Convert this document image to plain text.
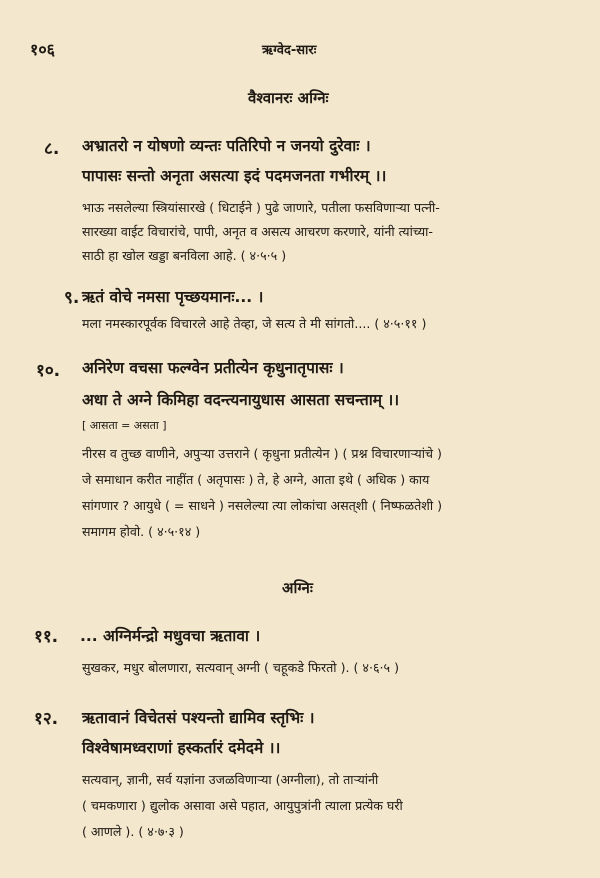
१०६	ऋग्वेद-सारः
वैश्वानरः अग्निः
८. अभ्रातरो न योषणो व्यन्तः पतिरिपो न जनयो दुरेवाः ।
पापासः सन्तो अनृता असत्या इदं पदमजनता गभीरम् ।।
भाऊ नसलेल्या स्त्रियांसारखे ( धिटाईने ) पुढे जाणारे, पतीला फसविणाऱ्या पत्नी-
सारख्या वाईट विचारांचे, पापी, अनृत व असत्य आचरण करणारे, यांनी त्यांच्या-
साठी हा खोल खड्डा बनविला आहे. ( ४·५·५ )
९. ऋतं वोचे नमसा पृच्छयमानः... ।
मला नमस्कारपूर्वक विचारले आहे तेव्हा, जे सत्य ते मी सांगतो.... ( ४·५·११ )
१०. अनिरेण वचसा फल्ग्वेन प्रतीत्येन कृधुनातृपासः ।
अधा ते अग्ने किमिहा वदन्त्यनायुधास आसता सचन्ताम् ।।
[ आसता = असता ]
नीरस व तुच्छ वाणीने, अपुऱ्या उत्तराने ( कृधुना प्रतीत्येन ) ( प्रश्न विचारणाऱ्यांचे )
जे समाधान करीत नाहींत ( अतृपासः ) ते, हे अग्ने, आता इथे ( अधिक ) काय
सांगणार ? आयुधे ( = साधने ) नसलेल्या त्या लोकांचा असत्‌शी ( निष्फळतेशी )
समागम होवो. ( ४·५·१४ )
अग्निः
११. ... अग्निर्मन्द्रो मधुवचा ऋतावा ।
सुखकर, मधुर बोलणारा, सत्यवान् अग्नी ( चहूकडे फिरतो ). ( ४·६·५ )
१२. ऋतावानं विचेतसं पश्यन्तो द्यामिव स्तृभिः ।
विश्वेषामध्वराणां हस्कर्तारं दमेदमे ।।
सत्यवान्, ज्ञानी, सर्व यज्ञांना उजळविणाऱ्या (अग्नीला), तो ताऱ्यांनी
( चमकणारा ) द्युलोक असावा असे पहात, आयुपुत्रांनी त्याला प्रत्येक घरी
( आणले ). ( ४·७·३ )
